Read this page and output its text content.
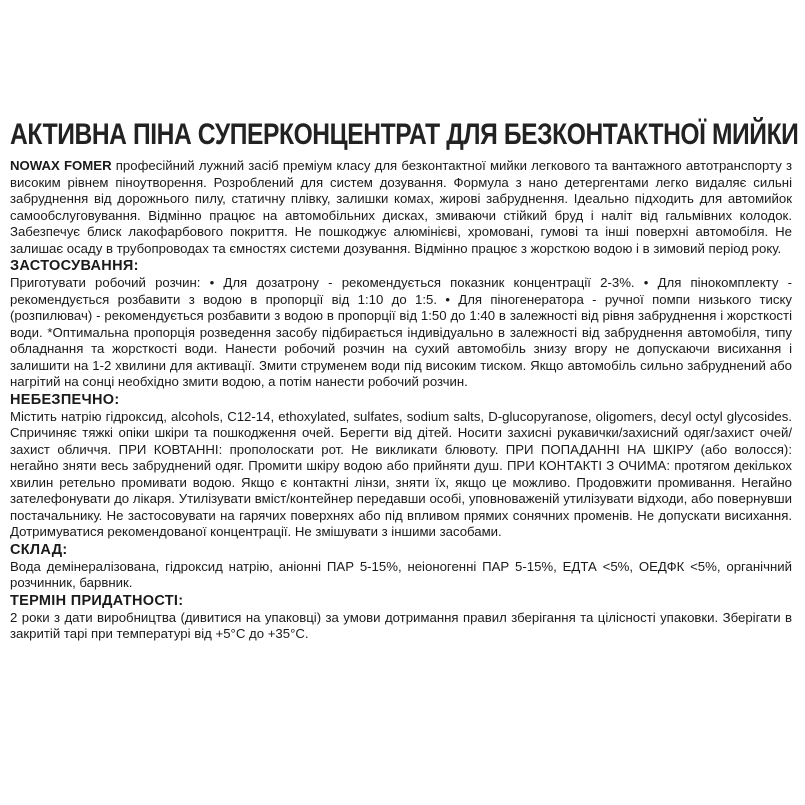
АКТИВНА ПІНА СУПЕРКОНЦЕНТРАТ ДЛЯ БЕЗКОНТАКТНОЇ МИЙКИ

NOWAX FOMER професійний лужний засіб преміум класу для безконтактної мийки легкового та вантажного автотранспорту з високим рівнем піноутворення. Розроблений для систем дозування. Формула з нано детергентами легко видаляє сильні забруднення від дорожнього пилу, статичну плівку, залишки комах, жирові забруднення. Ідеально підходить для автомийок самообслуговування. Відмінно працює на автомобільних дисках, змиваючи стійкий бруд і наліт від гальмівних колодок. Забезпечує блиск лакофарбового покриття. Не пошкоджує алюмінієві, хромовані, гумові та інші поверхні автомобіля. Не залишає осаду в трубопроводах та ємностях системи дозування. Відмінно працює з жорсткою водою і в зимовий період року.

ЗАСТОСУВАННЯ:

Приготувати робочий розчин: • Для дозатрону - рекомендується показник концентрації 2-3%. • Для пінокомплекту - рекомендується розбавити з водою в пропорції від 1:10 до 1:5. • Для піногенератора - ручної помпи низького тиску (розпилювач) - рекомендується розбавити з водою в пропорції від 1:50 до 1:40 в залежності від рівня забруднення і жорсткості води. *Оптимальна пропорція розведення засобу підбирається індивідуально в залежності від забруднення автомобіля, типу обладнання та жорсткості води. Нанести робочий розчин на сухий автомобіль знизу вгору не допускаючи висихання і залишити на 1-2 хвилини для активації. Змити струменем води під високим тиском. Якщо автомобіль сильно забруднений або нагрітий на сонці необхідно змити водою, а потім нанести робочий розчин.

НЕБЕЗПЕЧНО:

Містить натрію гідроксид, alcohols, C12-14, ethoxylated, sulfates, sodium salts, D-glucopyranose, oligomers, decyl octyl glycosides. Спричиняє тяжкі опіки шкіри та пошкодження очей. Берегти від дітей. Носити захисні рукавички/захисний одяг/захист очей/захист обличчя. ПРИ КОВТАННІ: прополоскати рот. Не викликати блювоту. ПРИ ПОПАДАННІ НА ШКІРУ (або волосся): негайно зняти весь забруднений одяг. Промити шкіру водою або прийняти душ. ПРИ КОНТАКТІ З ОЧИМА: протягом декількох хвилин ретельно промивати водою. Якщо є контактні лінзи, зняти їх, якщо це можливо. Продовжити промивання. Негайно зателефонувати до лікаря. Утилізувати вміст/контейнер передавши особі, уповноваженій утилізувати відходи, або повернувши постачальнику. Не застосовувати на гарячих поверхнях або під впливом прямих сонячних променів. Не допускати висихання. Дотримуватися рекомендованої концентрації. Не змішувати з іншими засобами.

СКЛАД:

Вода демінералізована, гідроксид натрію, аніонні ПАР 5-15%, неіоногенні ПАР 5-15%, ЕДТА <5%, ОЕДФК <5%, органічний розчинник, барвник.

ТЕРМІН ПРИДАТНОСТІ:

2 роки з дати виробництва (дивитися на упаковці) за умови дотримання правил зберігання та цілісності упаковки. Зберігати в закритій тарі при температурі від +5°C до +35°C.
